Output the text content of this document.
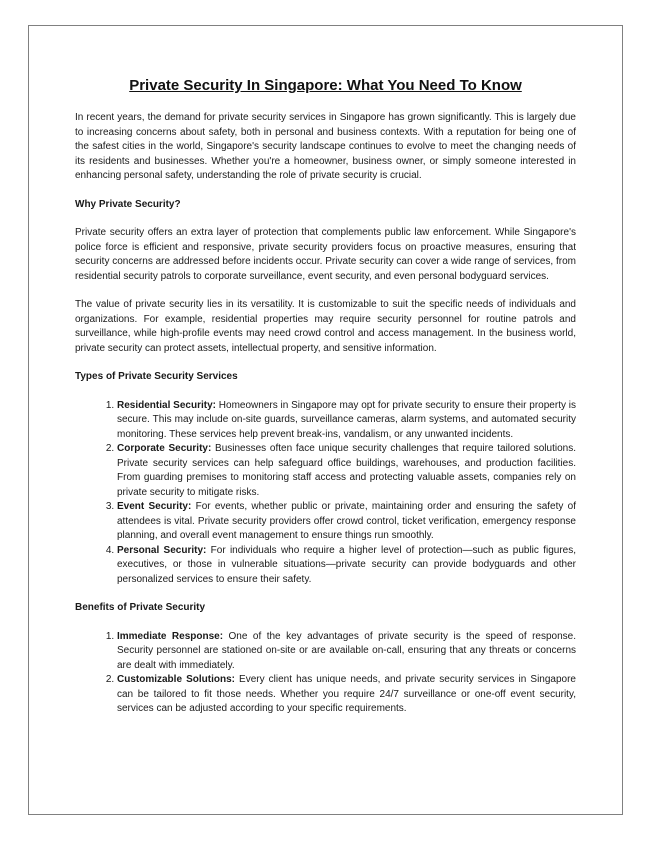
Private Security In Singapore: What You Need To Know

In recent years, the demand for private security services in Singapore has grown significantly. This is largely due to increasing concerns about safety, both in personal and business contexts. With a reputation for being one of the safest cities in the world, Singapore's security landscape continues to evolve to meet the changing needs of its residents and businesses. Whether you're a homeowner, business owner, or simply someone interested in enhancing personal safety, understanding the role of private security is crucial.

Why Private Security?

Private security offers an extra layer of protection that complements public law enforcement. While Singapore's police force is efficient and responsive, private security providers focus on proactive measures, ensuring that security concerns are addressed before incidents occur. Private security can cover a wide range of services, from residential security patrols to corporate surveillance, event security, and even personal bodyguard services.

The value of private security lies in its versatility. It is customizable to suit the specific needs of individuals and organizations. For example, residential properties may require security personnel for routine patrols and surveillance, while high-profile events may need crowd control and access management. In the business world, private security can protect assets, intellectual property, and sensitive information.

Types of Private Security Services
1. Residential Security: Homeowners in Singapore may opt for private security to ensure their property is secure. This may include on-site guards, surveillance cameras, alarm systems, and automated security monitoring. These services help prevent break-ins, vandalism, or any unwanted incidents.
2. Corporate Security: Businesses often face unique security challenges that require tailored solutions. Private security services can help safeguard office buildings, warehouses, and production facilities. From guarding premises to monitoring staff access and protecting valuable assets, companies rely on private security to mitigate risks.
3. Event Security: For events, whether public or private, maintaining order and ensuring the safety of attendees is vital. Private security providers offer crowd control, ticket verification, emergency response planning, and overall event management to ensure things run smoothly.
4. Personal Security: For individuals who require a higher level of protection—such as public figures, executives, or those in vulnerable situations—private security can provide bodyguards and other personalized services to ensure their safety.
Benefits of Private Security
1. Immediate Response: One of the key advantages of private security is the speed of response. Security personnel are stationed on-site or are available on-call, ensuring that any threats or concerns are dealt with immediately.
2. Customizable Solutions: Every client has unique needs, and private security services in Singapore can be tailored to fit those needs. Whether you require 24/7 surveillance or one-off event security, services can be adjusted according to your specific requirements.
